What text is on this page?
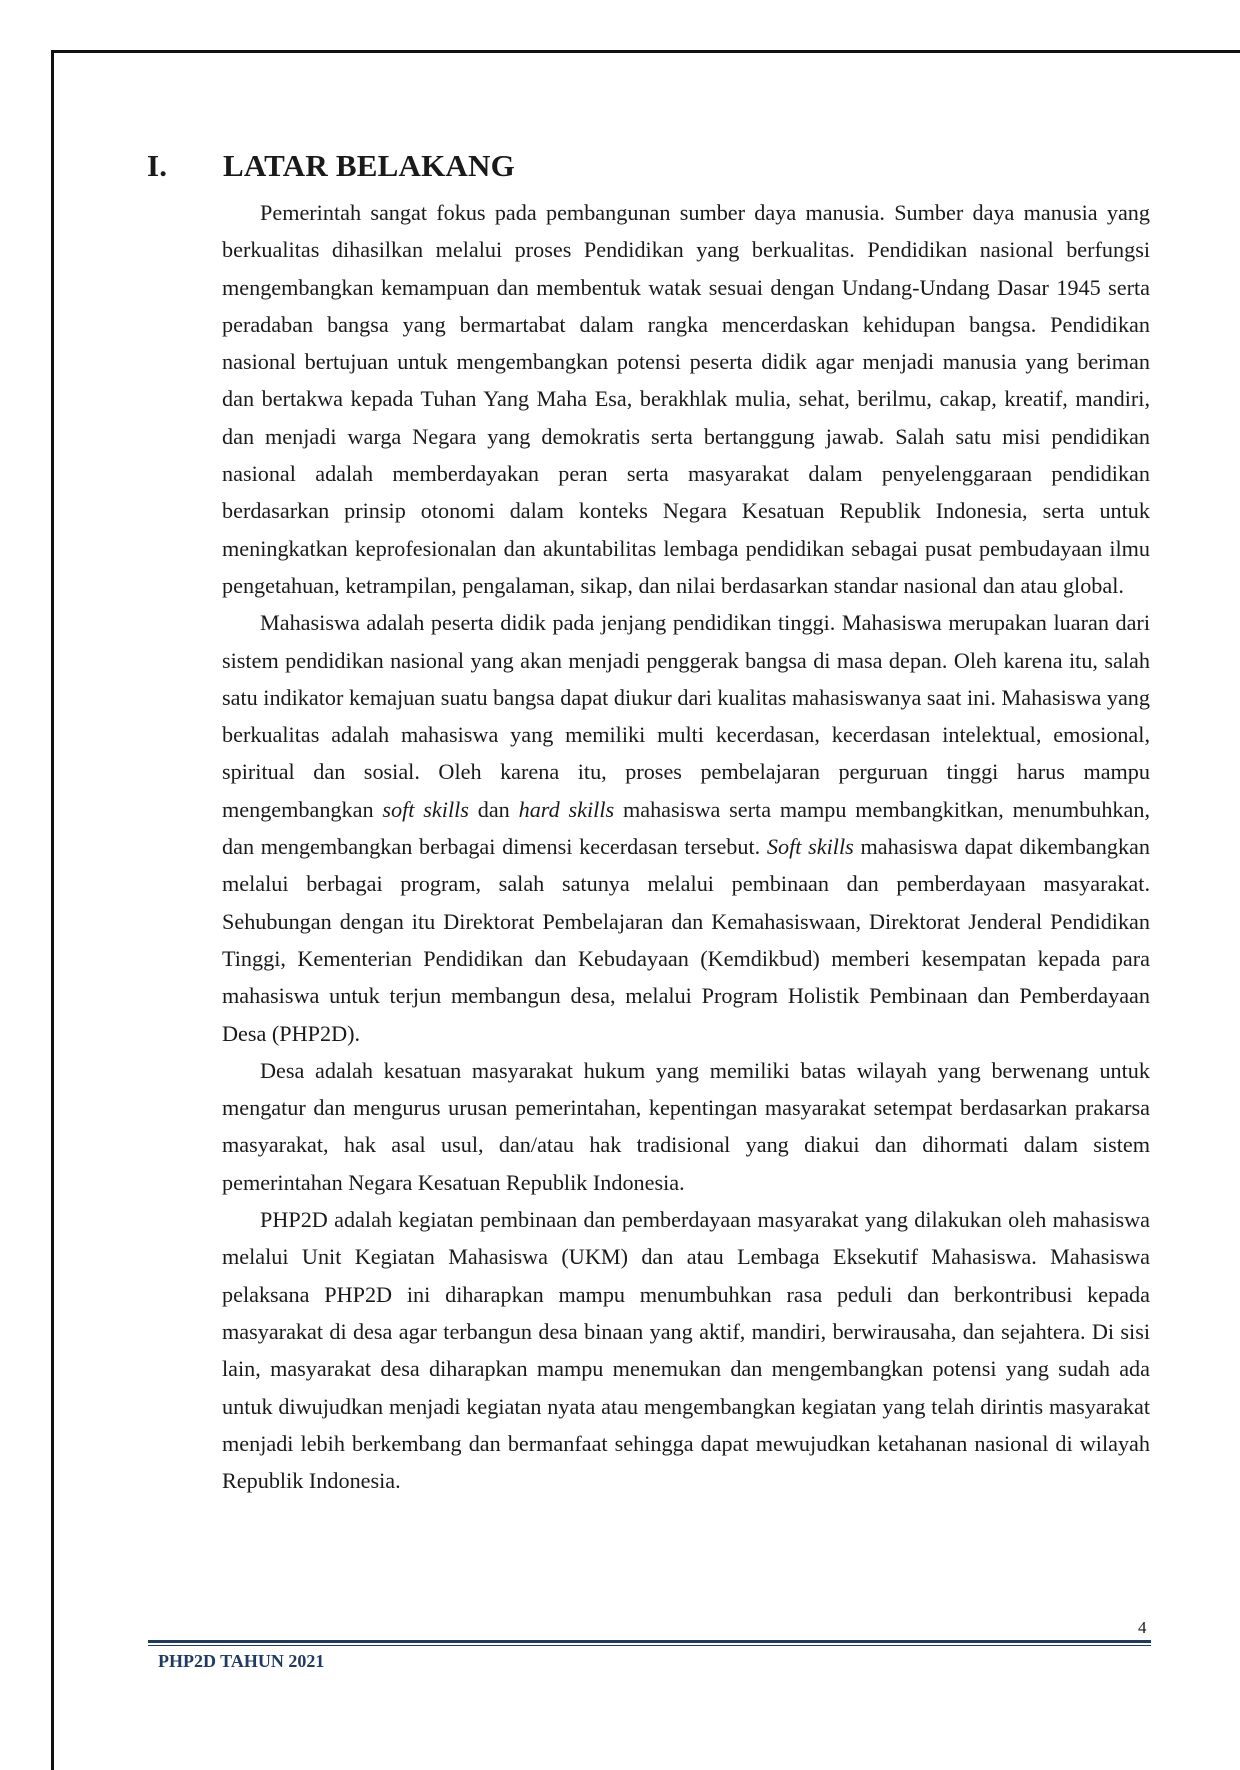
I. LATAR BELAKANG

Pemerintah sangat fokus pada pembangunan sumber daya manusia. Sumber daya manusia yang berkualitas dihasilkan melalui proses Pendidikan yang berkualitas. Pendidikan nasional berfungsi mengembangkan kemampuan dan membentuk watak sesuai dengan Undang-Undang Dasar 1945 serta peradaban bangsa yang bermartabat dalam rangka mencerdaskan kehidupan bangsa. Pendidikan nasional bertujuan untuk mengembangkan potensi peserta didik agar menjadi manusia yang beriman dan bertakwa kepada Tuhan Yang Maha Esa, berakhlak mulia, sehat, berilmu, cakap, kreatif, mandiri, dan menjadi warga Negara yang demokratis serta bertanggung jawab. Salah satu misi pendidikan nasional adalah memberdayakan peran serta masyarakat dalam penyelenggaraan pendidikan berdasarkan prinsip otonomi dalam konteks Negara Kesatuan Republik Indonesia, serta untuk meningkatkan keprofesionalan dan akuntabilitas lembaga pendidikan sebagai pusat pembudayaan ilmu pengetahuan, ketrampilan, pengalaman, sikap, dan nilai berdasarkan standar nasional dan atau global.

Mahasiswa adalah peserta didik pada jenjang pendidikan tinggi. Mahasiswa merupakan luaran dari sistem pendidikan nasional yang akan menjadi penggerak bangsa di masa depan. Oleh karena itu, salah satu indikator kemajuan suatu bangsa dapat diukur dari kualitas mahasiswanya saat ini. Mahasiswa yang berkualitas adalah mahasiswa yang memiliki multi kecerdasan, kecerdasan intelektual, emosional, spiritual dan sosial. Oleh karena itu, proses pembelajaran perguruan tinggi harus mampu mengembangkan soft skills dan hard skills mahasiswa serta mampu membangkitkan, menumbuhkan, dan mengembangkan berbagai dimensi kecerdasan tersebut. Soft skills mahasiswa dapat dikembangkan melalui berbagai program, salah satunya melalui pembinaan dan pemberdayaan masyarakat. Sehubungan dengan itu Direktorat Pembelajaran dan Kemahasiswaan, Direktorat Jenderal Pendidikan Tinggi, Kementerian Pendidikan dan Kebudayaan (Kemdikbud) memberi kesempatan kepada para mahasiswa untuk terjun membangun desa, melalui Program Holistik Pembinaan dan Pemberdayaan Desa (PHP2D).

Desa adalah kesatuan masyarakat hukum yang memiliki batas wilayah yang berwenang untuk mengatur dan mengurus urusan pemerintahan, kepentingan masyarakat setempat berdasarkan prakarsa masyarakat, hak asal usul, dan/atau hak tradisional yang diakui dan dihormati dalam sistem pemerintahan Negara Kesatuan Republik Indonesia.

PHP2D adalah kegiatan pembinaan dan pemberdayaan masyarakat yang dilakukan oleh mahasiswa melalui Unit Kegiatan Mahasiswa (UKM) dan atau Lembaga Eksekutif Mahasiswa. Mahasiswa pelaksana PHP2D ini diharapkan mampu menumbuhkan rasa peduli dan berkontribusi kepada masyarakat di desa agar terbangun desa binaan yang aktif, mandiri, berwirausaha, dan sejahtera. Di sisi lain, masyarakat desa diharapkan mampu menemukan dan mengembangkan potensi yang sudah ada untuk diwujudkan menjadi kegiatan nyata atau mengembangkan kegiatan yang telah dirintis masyarakat menjadi lebih berkembang dan bermanfaat sehingga dapat mewujudkan ketahanan nasional di wilayah Republik Indonesia.

4
PHP2D TAHUN 2021
